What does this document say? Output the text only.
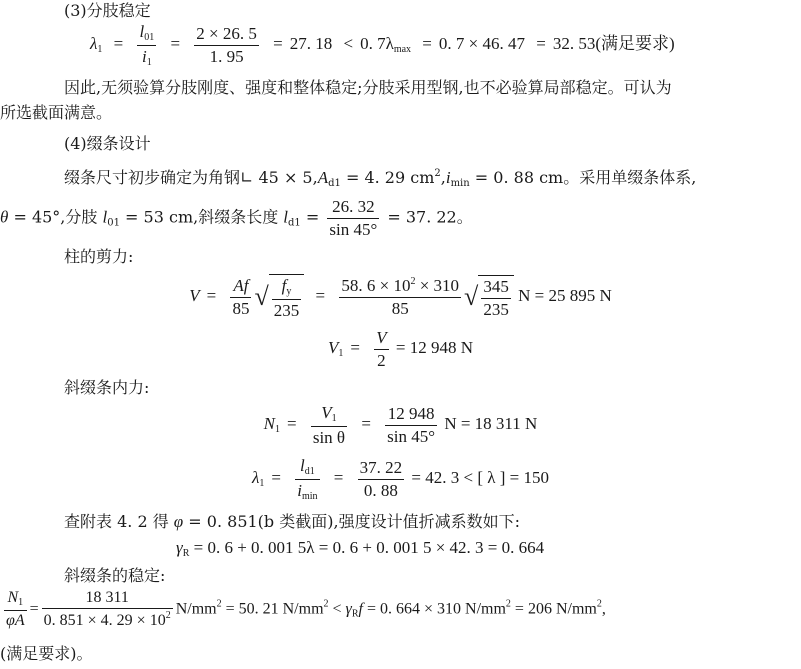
(3)分肢稳定
$\lambda_1 = \frac{l_{01}}{i_1} = \frac{2 \times 26. 5}{1. 95} = 27$. 18 < 0. $7\lambda_{max} = 0$. 7 × 46. 47 = 32. 53(满足要求)
因此,无须验算分肢刚度、强度和整体稳定;分肢采用型钢,也不必验算局部稳定。可认为
所选截面满意。
(4)缀条设计
缀条尺寸初步确定为角钢∟ $45 \times 5,A_{d1} = 4$. 29 $cm^2,i_{min} = 0$. 88 cm。采用单缀条体系,
θ = 45°,分肢 $l_{01} = 53$ cm,斜缀条长度 $l_{d1} = \frac{26. 32}{\sin 45^\circ} = 37$. 22。
柱的剪力:
$V = \frac{Af}{85}$ √ $\frac{f_y}{235} = \frac{58. 6 \times 10^2 \times 310}{85}$ √ $\frac{345}{235}$ N = 25 895 N
$V_1 = \frac{V}{2} = 12$ 948 N
斜缀条内力:
$N_1 = \frac{V_1}{\text{sin θ}} = \frac{12 948}{\sin 45^\circ}$ N = 18 311 N
$\lambda_1 = \frac{l_{d1}}{i_{min}} = \frac{37. 22}{0. 88} = 42$. 3 < [ λ ] = 150
查附表 4. 2 得 φ = 0. 851(b 类截面),强度设计值折减系数如下:
$\gamma_R = 0$. 6 + 0. 001 5λ = 0. 6 + 0. 001 5 × 42. 3 = 0. 664
斜缀条的稳定:
$\frac{N_1}{\varphi A} = \frac{18 311}{0. 851 \times 4. 29 \times 10^2} N/mm^2 = 50$. 21 $N/mm^2 < \gamma_Rf = 0$. 664 × 310 $N/mm^2 = 206$ $N/mm^2$,
(满足要求)。
